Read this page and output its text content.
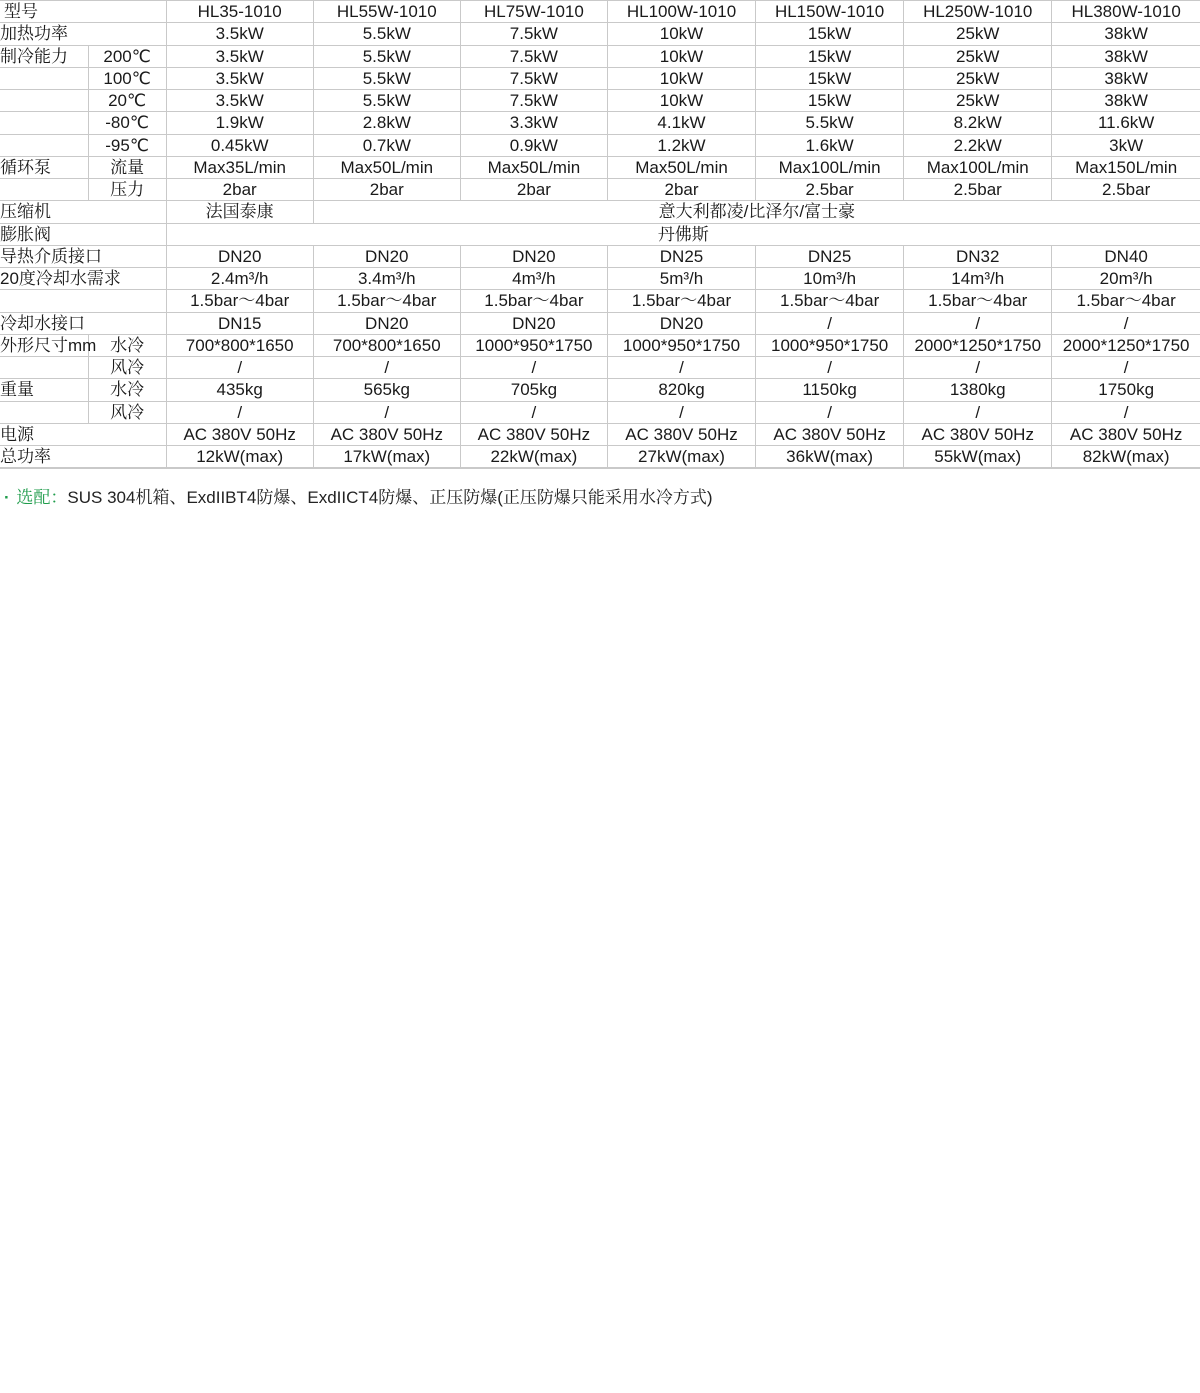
型号		HL35-1010	HL55W-1010	HL75W-1010	HL100W-1010	HL150W-1010	HL250W-1010	HL380W-1010
加热功率		3.5kW	5.5kW	7.5kW	10kW	15kW	25kW	38kW
制冷能力	200℃	3.5kW	5.5kW	7.5kW	10kW	15kW	25kW	38kW
	100℃	3.5kW	5.5kW	7.5kW	10kW	15kW	25kW	38kW
	20℃	3.5kW	5.5kW	7.5kW	10kW	15kW	25kW	38kW
	-80℃	1.9kW	2.8kW	3.3kW	4.1kW	5.5kW	8.2kW	11.6kW
	-95℃	0.45kW	0.7kW	0.9kW	1.2kW	1.6kW	2.2kW	3kW
循环泵	流量	Max35L/min	Max50L/min	Max50L/min	Max50L/min	Max100L/min	Max100L/min	Max150L/min
	压力	2bar	2bar	2bar	2bar	2.5bar	2.5bar	2.5bar
压缩机		法国泰康	意大利都凌/比泽尔/富士豪					
膨胀阀		丹佛斯						
导热介质接口		DN20	DN20	DN20	DN25	DN25	DN32	DN40
20度冷却水需求		2.4m³/h	3.4m³/h	4m³/h	5m³/h	10m³/h	14m³/h	20m³/h
		1.5bar～4bar	1.5bar～4bar	1.5bar～4bar	1.5bar～4bar	1.5bar～4bar	1.5bar～4bar	1.5bar～4bar
冷却水接口		DN15	DN20	DN20	DN20	/	/	/
外形尺寸mm	水冷	700*800*1650	700*800*1650	1000*950*1750	1000*950*1750	1000*950*1750	2000*1250*1750	2000*1250*1750
	风冷	/	/	/	/	/	/	/
重量	水冷	435kg	565kg	705kg	820kg	1150kg	1380kg	1750kg
	风冷	/	/	/	/	/	/	/
电源		AC 380V 50Hz	AC 380V 50Hz	AC 380V 50Hz	AC 380V 50Hz	AC 380V 50Hz	AC 380V 50Hz	AC 380V 50Hz
总功率		12kW(max)	17kW(max)	22kW(max)	27kW(max)	36kW(max)	55kW(max)	82kW(max)
· 选配：SUS 304机箱、ExdIIBT4防爆、ExdIICT4防爆、正压防爆(正压防爆只能采用水冷方式)
